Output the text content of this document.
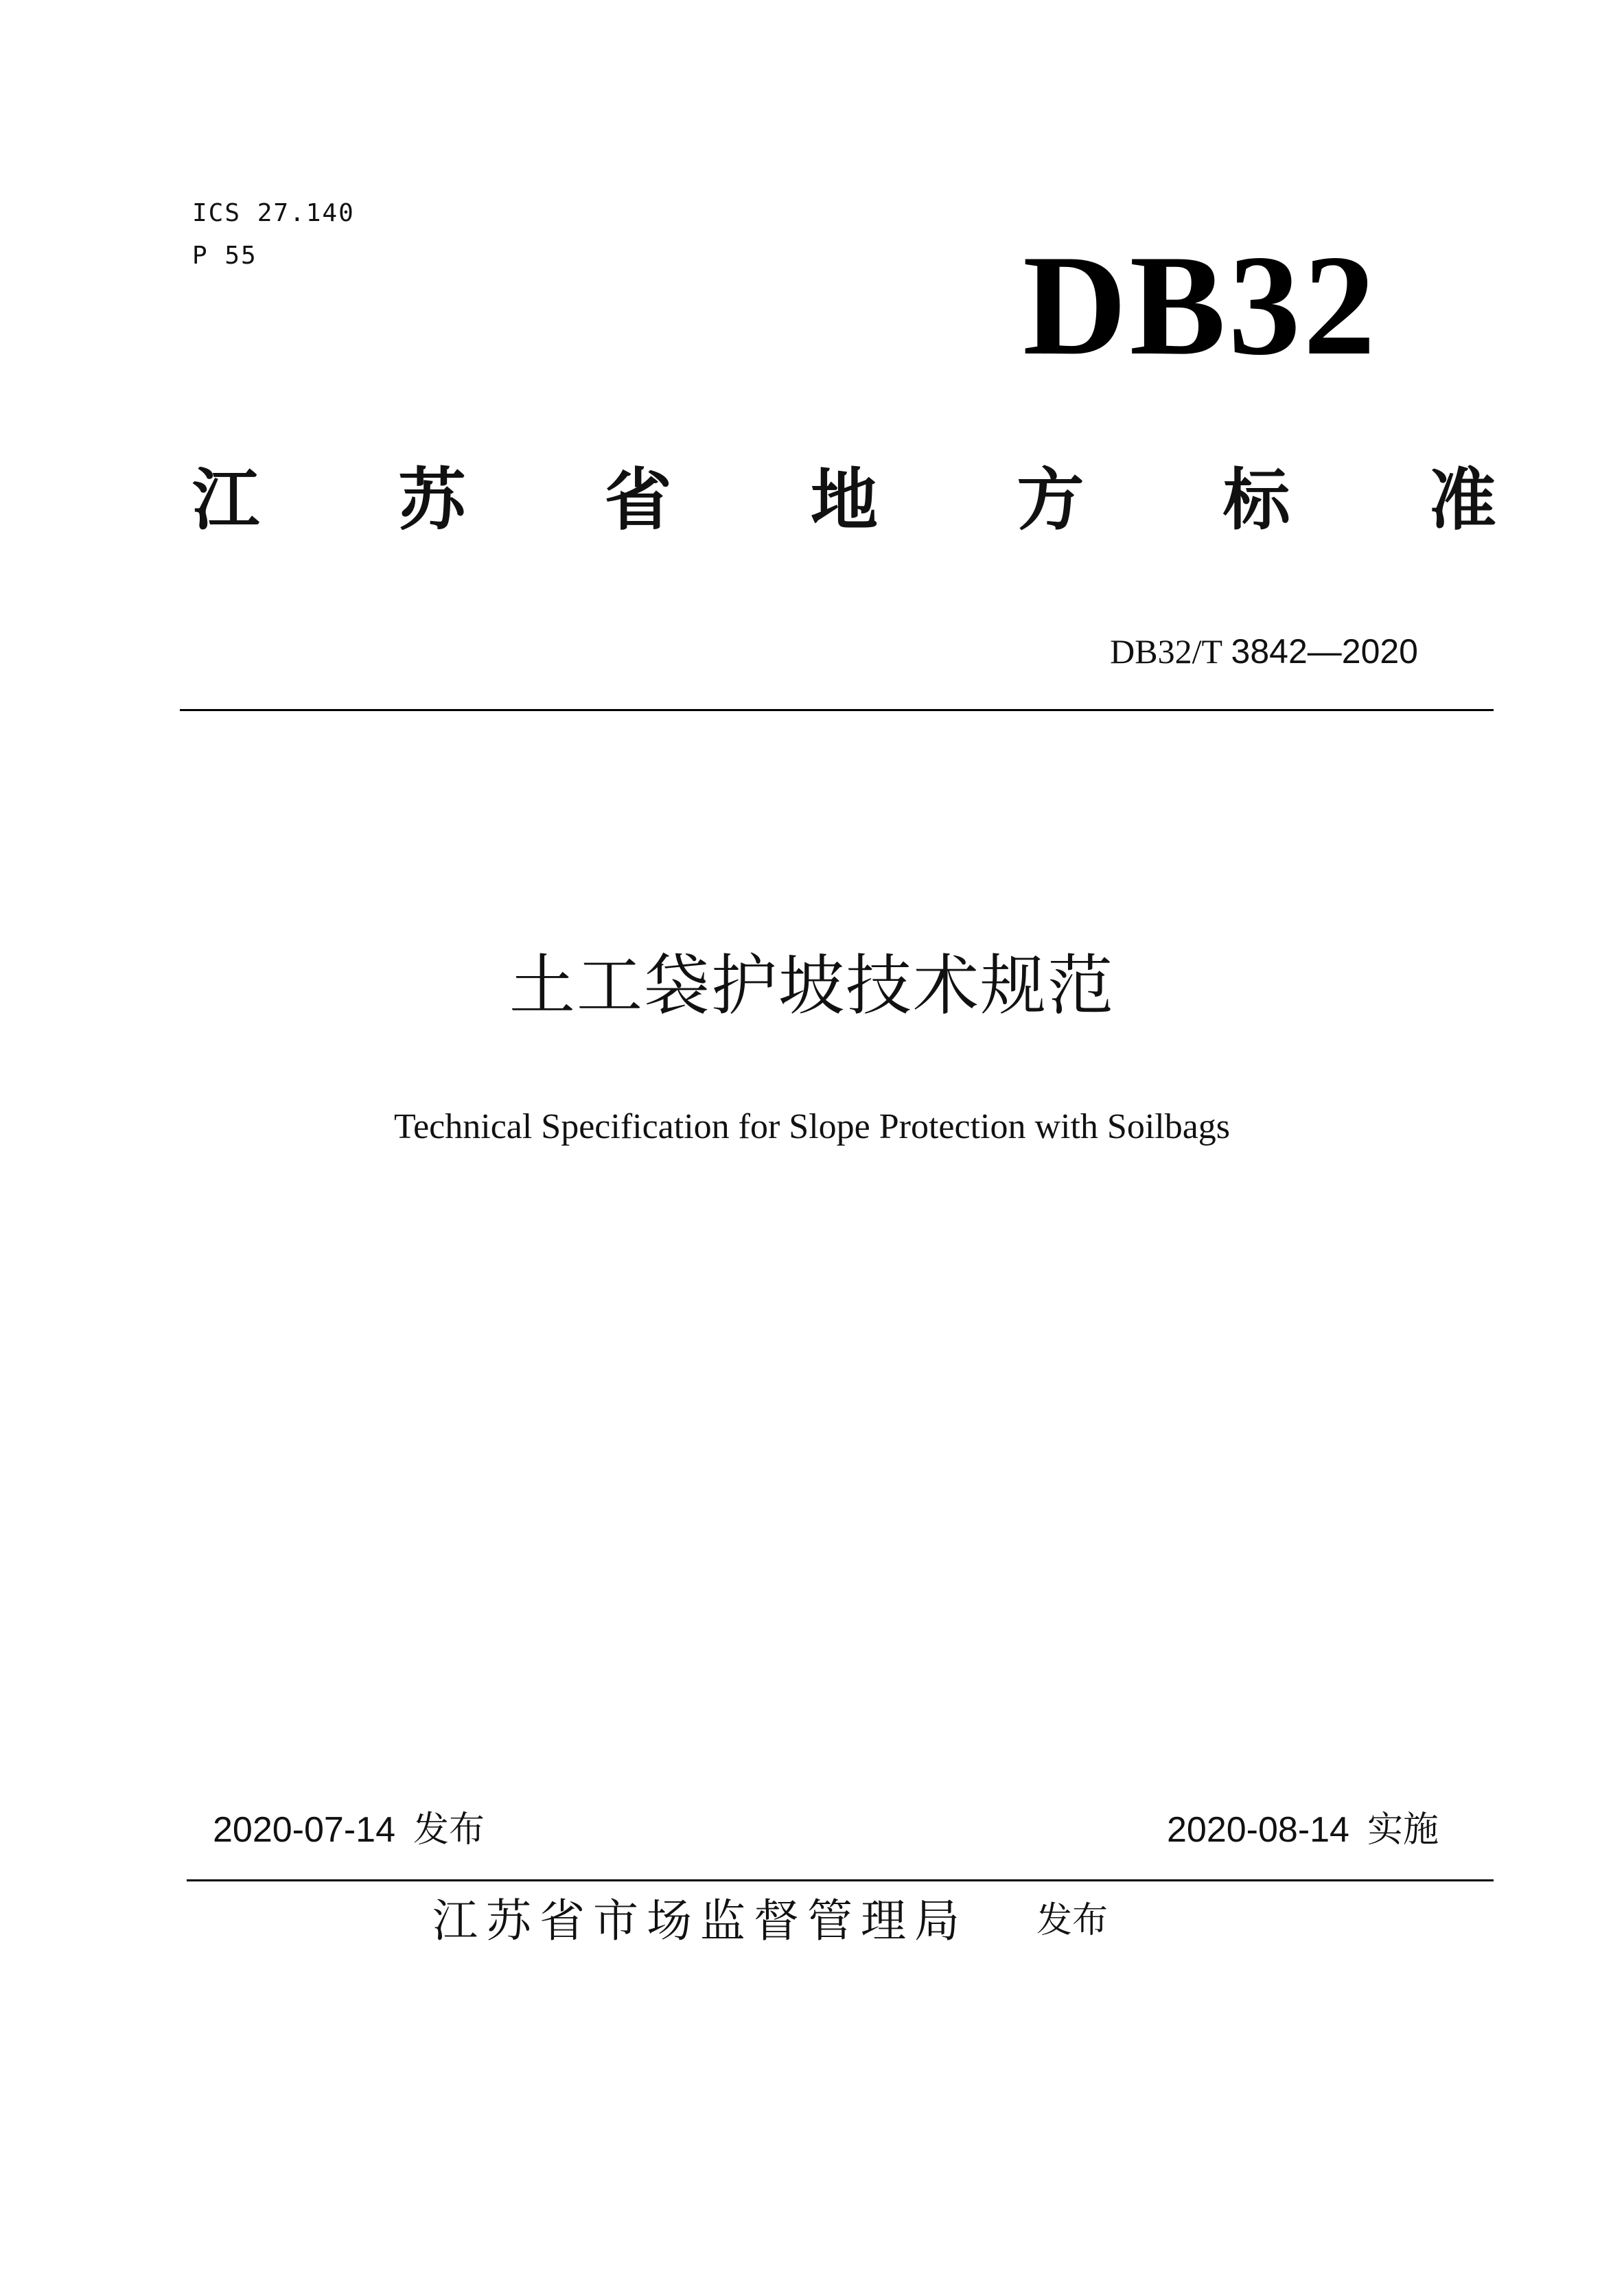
ICS 27.140
P 55	DB32
江 苏 省 地 方 标 准
DB32/T 3842—2020
土工袋护坡技术规范
Technical Specification for Slope Protection with Soilbags
2020-07-14 发布	2020-08-14 实施
江苏省市场监督管理局 发布
